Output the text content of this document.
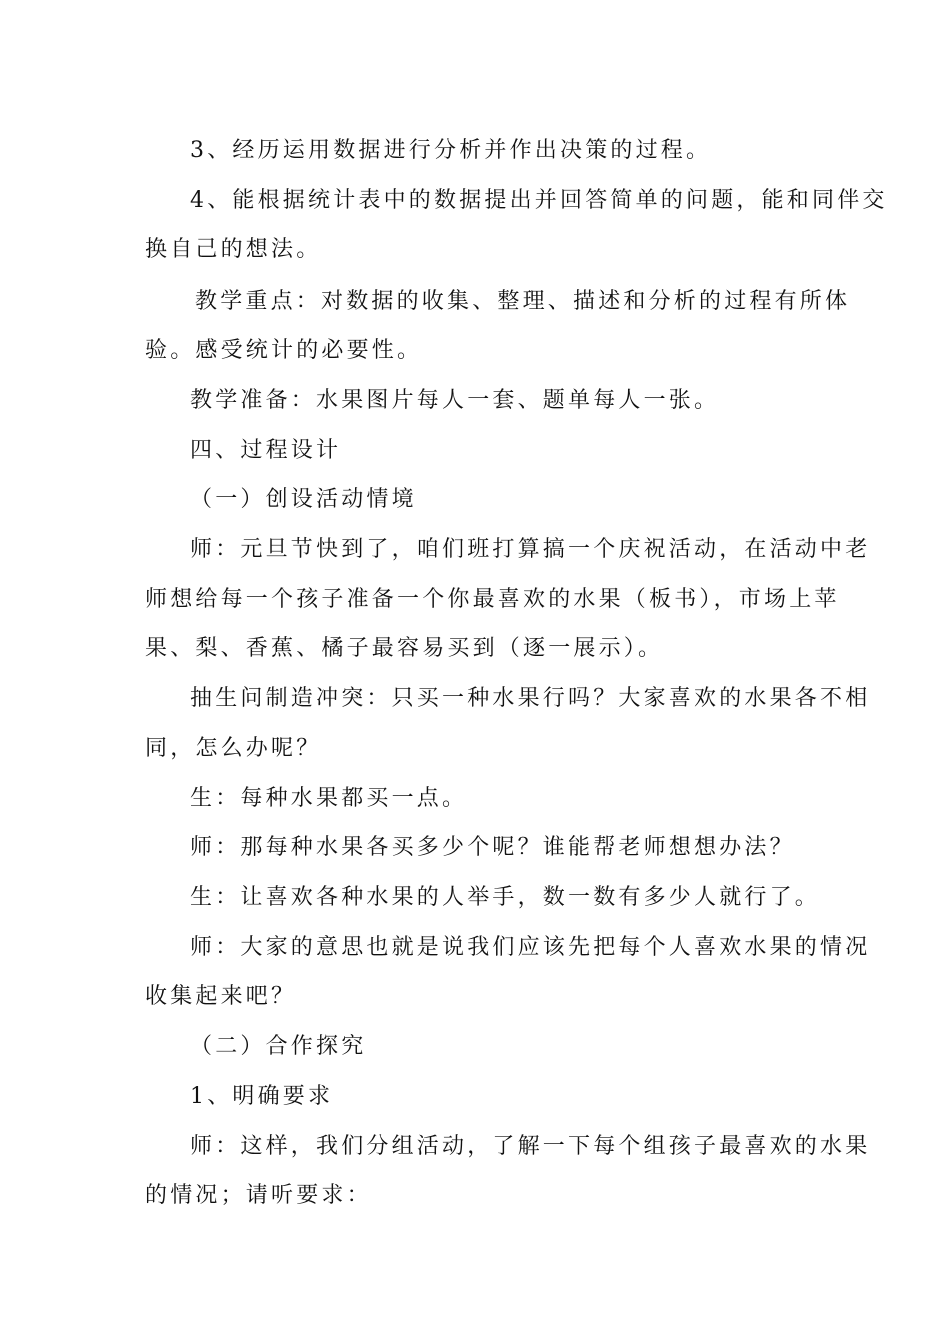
3、经历运用数据进行分析并作出决策的过程。
4、能根据统计表中的数据提出并回答简单的问题，能和同伴交
换自己的想法。
教学重点：对数据的收集、整理、描述和分析的过程有所体
验。感受统计的必要性。
教学准备：水果图片每人一套、题单每人一张。
四、过程设计
（一）创设活动情境
师：元旦节快到了，咱们班打算搞一个庆祝活动，在活动中老
师想给每一个孩子准备一个你最喜欢的水果（板书），市场上苹
果、梨、香蕉、橘子最容易买到（逐一展示）。
抽生问制造冲突：只买一种水果行吗？大家喜欢的水果各不相
同，怎么办呢？
生：每种水果都买一点。
师：那每种水果各买多少个呢？谁能帮老师想想办法？
生：让喜欢各种水果的人举手，数一数有多少人就行了。
师：大家的意思也就是说我们应该先把每个人喜欢水果的情况
收集起来吧？
（二）合作探究
1、明确要求
师：这样，我们分组活动，了解一下每个组孩子最喜欢的水果
的情况；请听要求：
